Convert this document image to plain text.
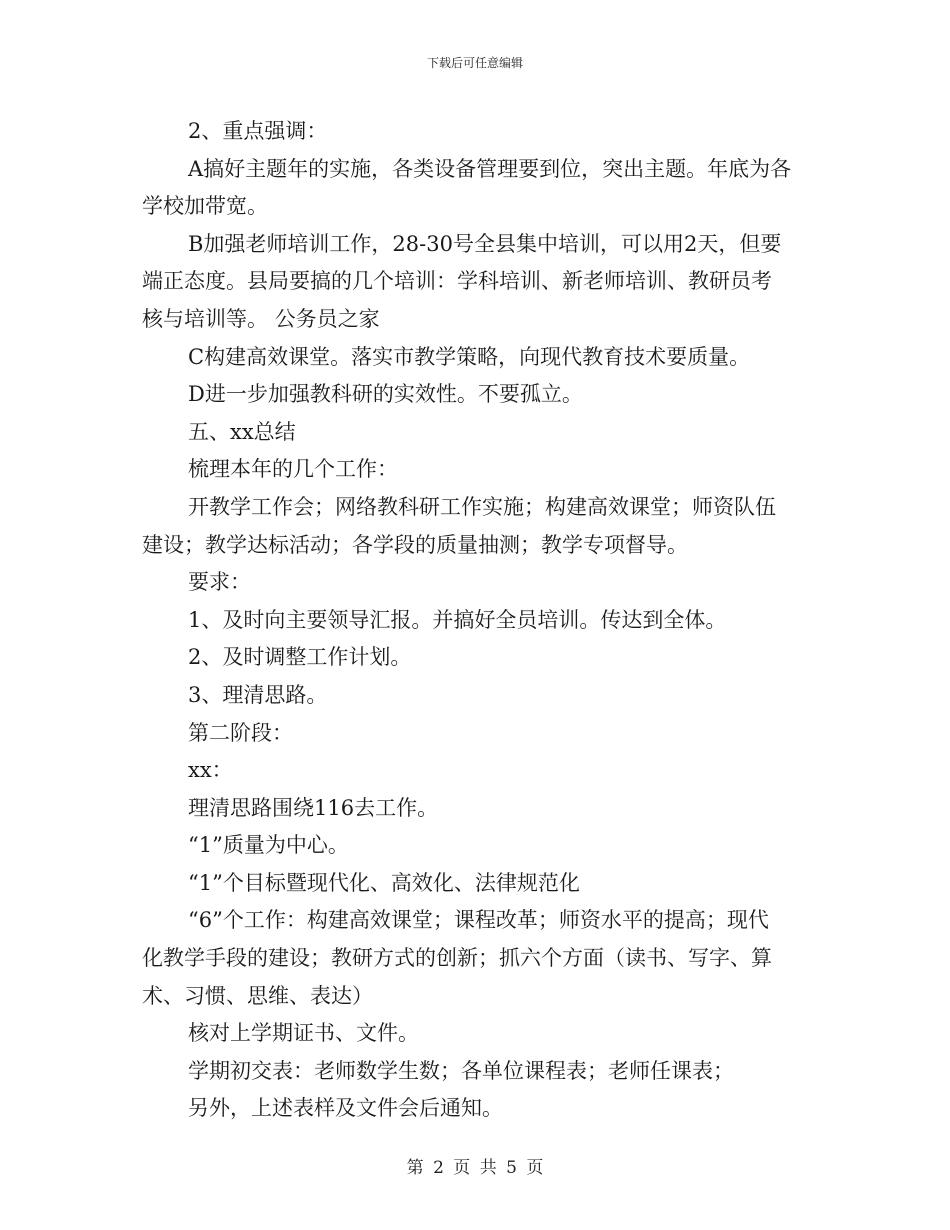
下载后可任意编辑
2、重点强调：
A搞好主题年的实施，各类设备管理要到位，突出主题。年底为各
学校加带宽。
B加强老师培训工作，28-30号全县集中培训，可以用2天，但要
端正态度。县局要搞的几个培训：学科培训、新老师培训、教研员考
核与培训等。 公务员之家
C构建高效课堂。落实市教学策略，向现代教育技术要质量。
D进一步加强教科研的实效性。不要孤立。
五、xx总结
梳理本年的几个工作：
开教学工作会；网络教科研工作实施；构建高效课堂；师资队伍
建设；教学达标活动；各学段的质量抽测；教学专项督导。
要求：
1、及时向主要领导汇报。并搞好全员培训。传达到全体。
2、及时调整工作计划。
3、理清思路。
第二阶段：
xx：
理清思路围绕116去工作。
“1”质量为中心。
“1”个目标暨现代化、高效化、法律规范化
“6”个工作：构建高效课堂；课程改革；师资水平的提高；现代
化教学手段的建设；教研方式的创新；抓六个方面（读书、写字、算
术、习惯、思维、表达）
核对上学期证书、文件。
学期初交表：老师数学生数；各单位课程表；老师任课表；
另外，上述表样及文件会后通知。
第 2 页 共 5 页
